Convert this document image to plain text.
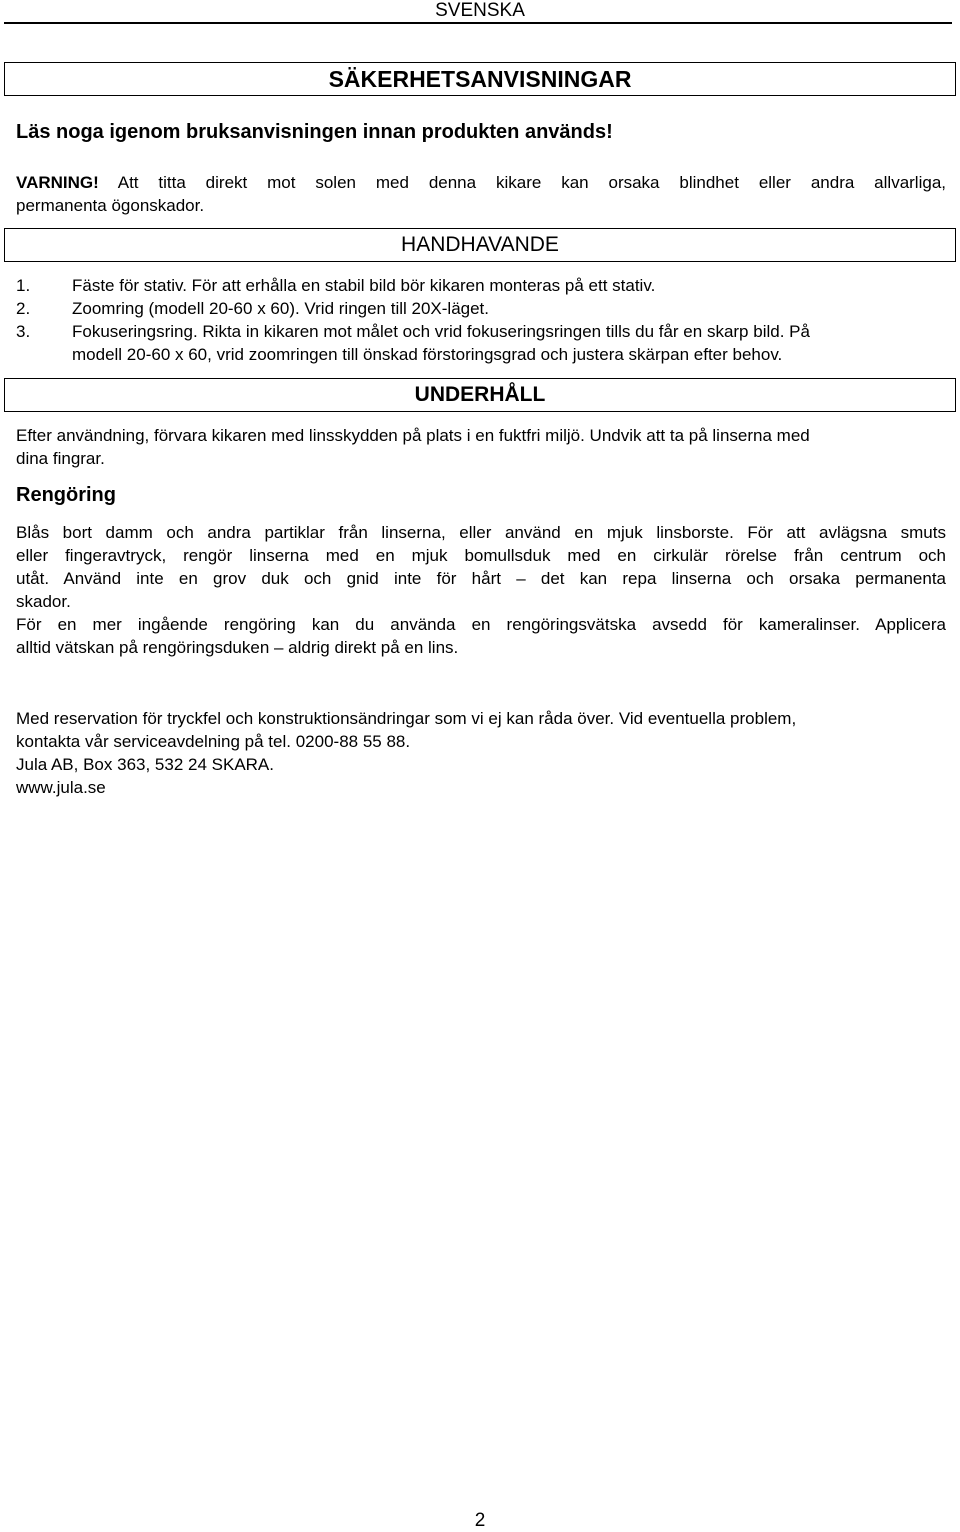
SVENSKA
SÄKERHETSANVISNINGAR
Läs noga igenom bruksanvisningen innan produkten används!
VARNING! Att titta direkt mot solen med denna kikare kan orsaka blindhet eller andra allvarliga,
permanenta ögonskador.
HANDHAVANDE
1. Fäste för stativ. För att erhålla en stabil bild bör kikaren monteras på ett stativ.
2. Zoomring (modell 20-60 x 60). Vrid ringen till 20X-läget.
3. Fokuseringsring. Rikta in kikaren mot målet och vrid fokuseringsringen tills du får en skarp bild. På
modell 20-60 x 60, vrid zoomringen till önskad förstoringsgrad och justera skärpan efter behov.
UNDERHÅLL
Efter användning, förvara kikaren med linsskydden på plats i en fuktfri miljö. Undvik att ta på linserna med
dina fingrar.
Rengöring
Blås bort damm och andra partiklar från linserna, eller använd en mjuk linsborste. För att avlägsna smuts
eller fingeravtryck, rengör linserna med en mjuk bomullsduk med en cirkulär rörelse från centrum och
utåt. Använd inte en grov duk och gnid inte för hårt – det kan repa linserna och orsaka permanenta
skador.
För en mer ingående rengöring kan du använda en rengöringsvätska avsedd för kameralinser. Applicera
alltid vätskan på rengöringsduken – aldrig direkt på en lins.
Med reservation för tryckfel och konstruktionsändringar som vi ej kan råda över. Vid eventuella problem,
kontakta vår serviceavdelning på tel. 0200-88 55 88.
Jula AB, Box 363, 532 24 SKARA.
www.jula.se
2
